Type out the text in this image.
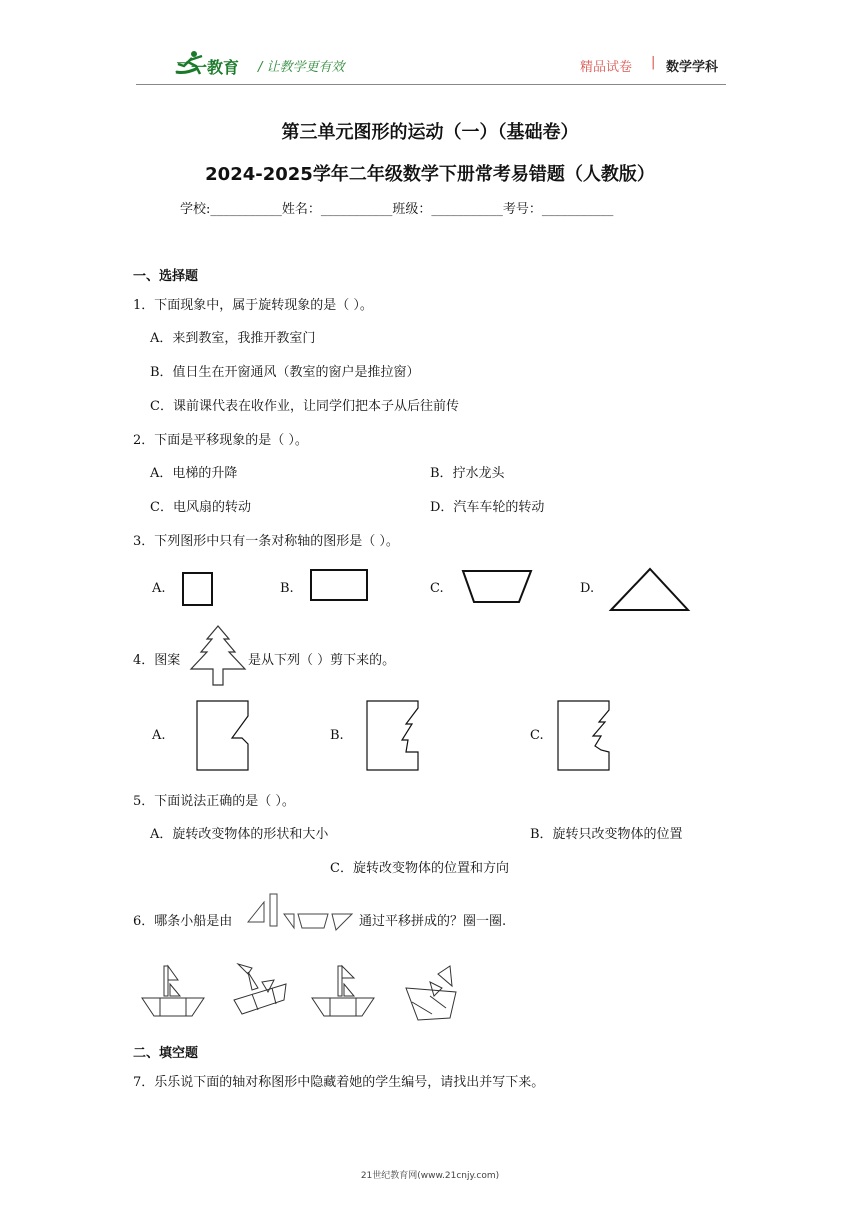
二一教育 / 让教学更有效	精品试卷 | 数学学科
第三单元图形的运动（一）（基础卷）
2024-2025学年二年级数学下册常考易错题（人教版）
学校:___________姓名：___________班级：___________考号：___________
一、选择题
1．下面现象中，属于旋转现象的是（ ）。
A．来到教室，我推开教室门
B．值日生在开窗通风（教室的窗户是推拉窗）
C．课前课代表在收作业，让同学们把本子从后往前传
2．下面是平移现象的是（ ）。
A．电梯的升降	B．拧水龙头
C．电风扇的转动	D．汽车车轮的转动
3．下列图形中只有一条对称轴的图形是（ ）。
A.	B.	C.	D.
4．图案	是从下列（ ）剪下来的。
A.	B.	C.
5．下面说法正确的是（ ）。
A．旋转改变物体的形状和大小	B．旋转只改变物体的位置
C．旋转改变物体的位置和方向
6．哪条小船是由	通过平移拼成的？圈一圈.
二、填空题
7．乐乐说下面的轴对称图形中隐藏着她的学生编号，请找出并写下来。
21世纪教育网(www.21cnjy.com)
